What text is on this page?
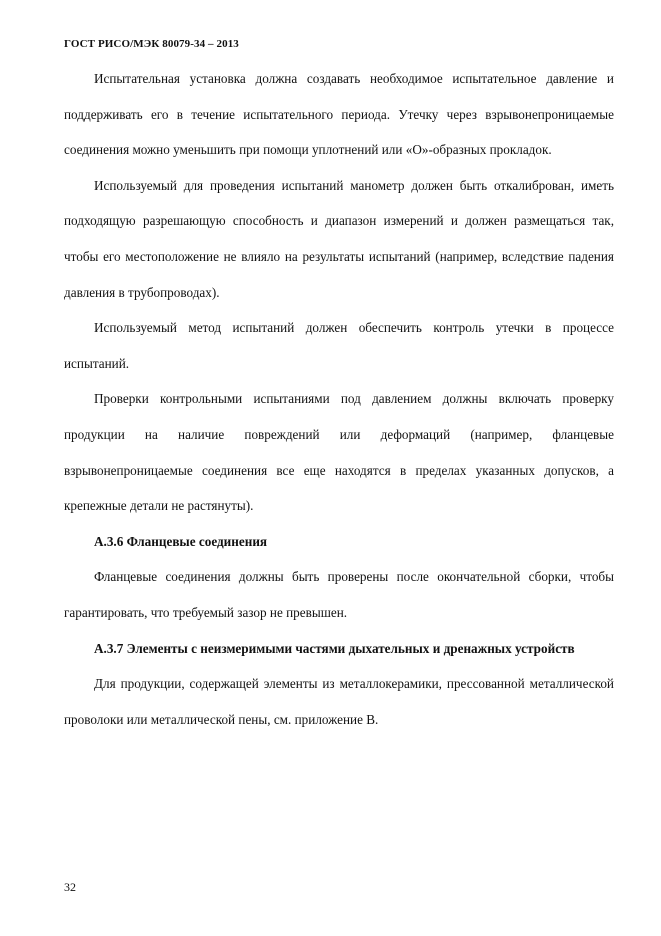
ГОСТ РИСО/МЭК 80079-34 – 2013

Испытательная установка должна создавать необходимое испытательное давление и поддерживать его в течение испытательного периода. Утечку через взрывонепроницаемые соединения можно уменьшить при помощи уплотнений или «О»-образных прокладок.

Используемый для проведения испытаний манометр должен быть откалиброван, иметь подходящую разрешающую способность и диапазон измерений и должен размещаться так, чтобы его местоположение не влияло на результаты испытаний (например, вследствие падения давления в трубопроводах).

Используемый метод испытаний должен обеспечить контроль утечки в процессе испытаний.

Проверки контрольными испытаниями под давлением должны включать проверку продукции на наличие повреждений или деформаций (например, фланцевые взрывонепроницаемые соединения все еще находятся в пределах указанных допусков, а крепежные детали не растянуты).

А.3.6 Фланцевые соединения

Фланцевые соединения должны быть проверены после окончательной сборки, чтобы гарантировать, что требуемый зазор не превышен.

А.3.7 Элементы с неизмеримыми частями дыхательных и дренажных устройств

Для продукции, содержащей элементы из металлокерамики, прессованной металлической проволоки или металлической пены, см. приложение В.

32
